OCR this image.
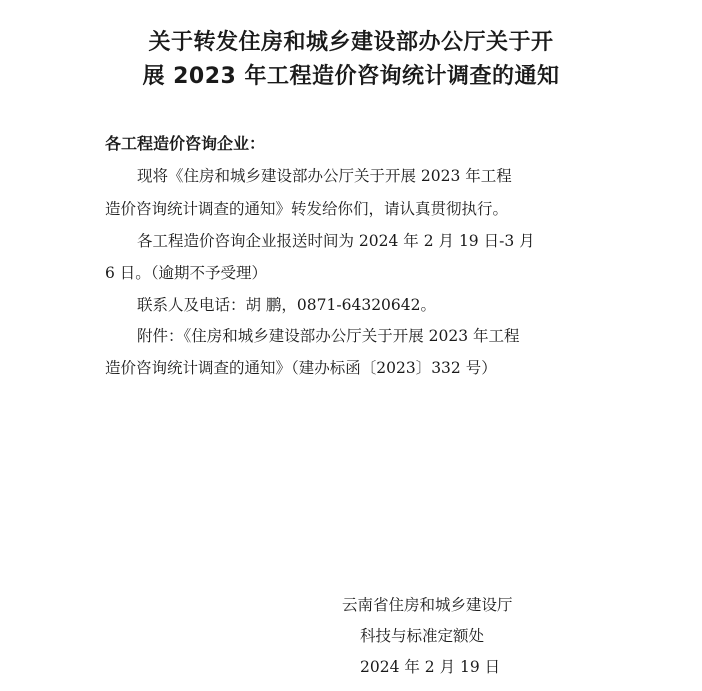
关于转发住房和城乡建设部办公厅关于开
展 2023 年工程造价咨询统计调查的通知
各工程造价咨询企业：
现将《住房和城乡建设部办公厅关于开展 2023 年工程
造价咨询统计调查的通知》转发给你们，请认真贯彻执行。
各工程造价咨询企业报送时间为 2024 年 2 月 19 日-3 月
6 日。（逾期不予受理）
联系人及电话：胡 鹏，0871-64320642。
附件：《住房和城乡建设部办公厅关于开展 2023 年工程
造价咨询统计调查的通知》（建办标函〔2023〕332 号）
云南省住房和城乡建设厅
科技与标准定额处
2024 年 2 月 19 日
